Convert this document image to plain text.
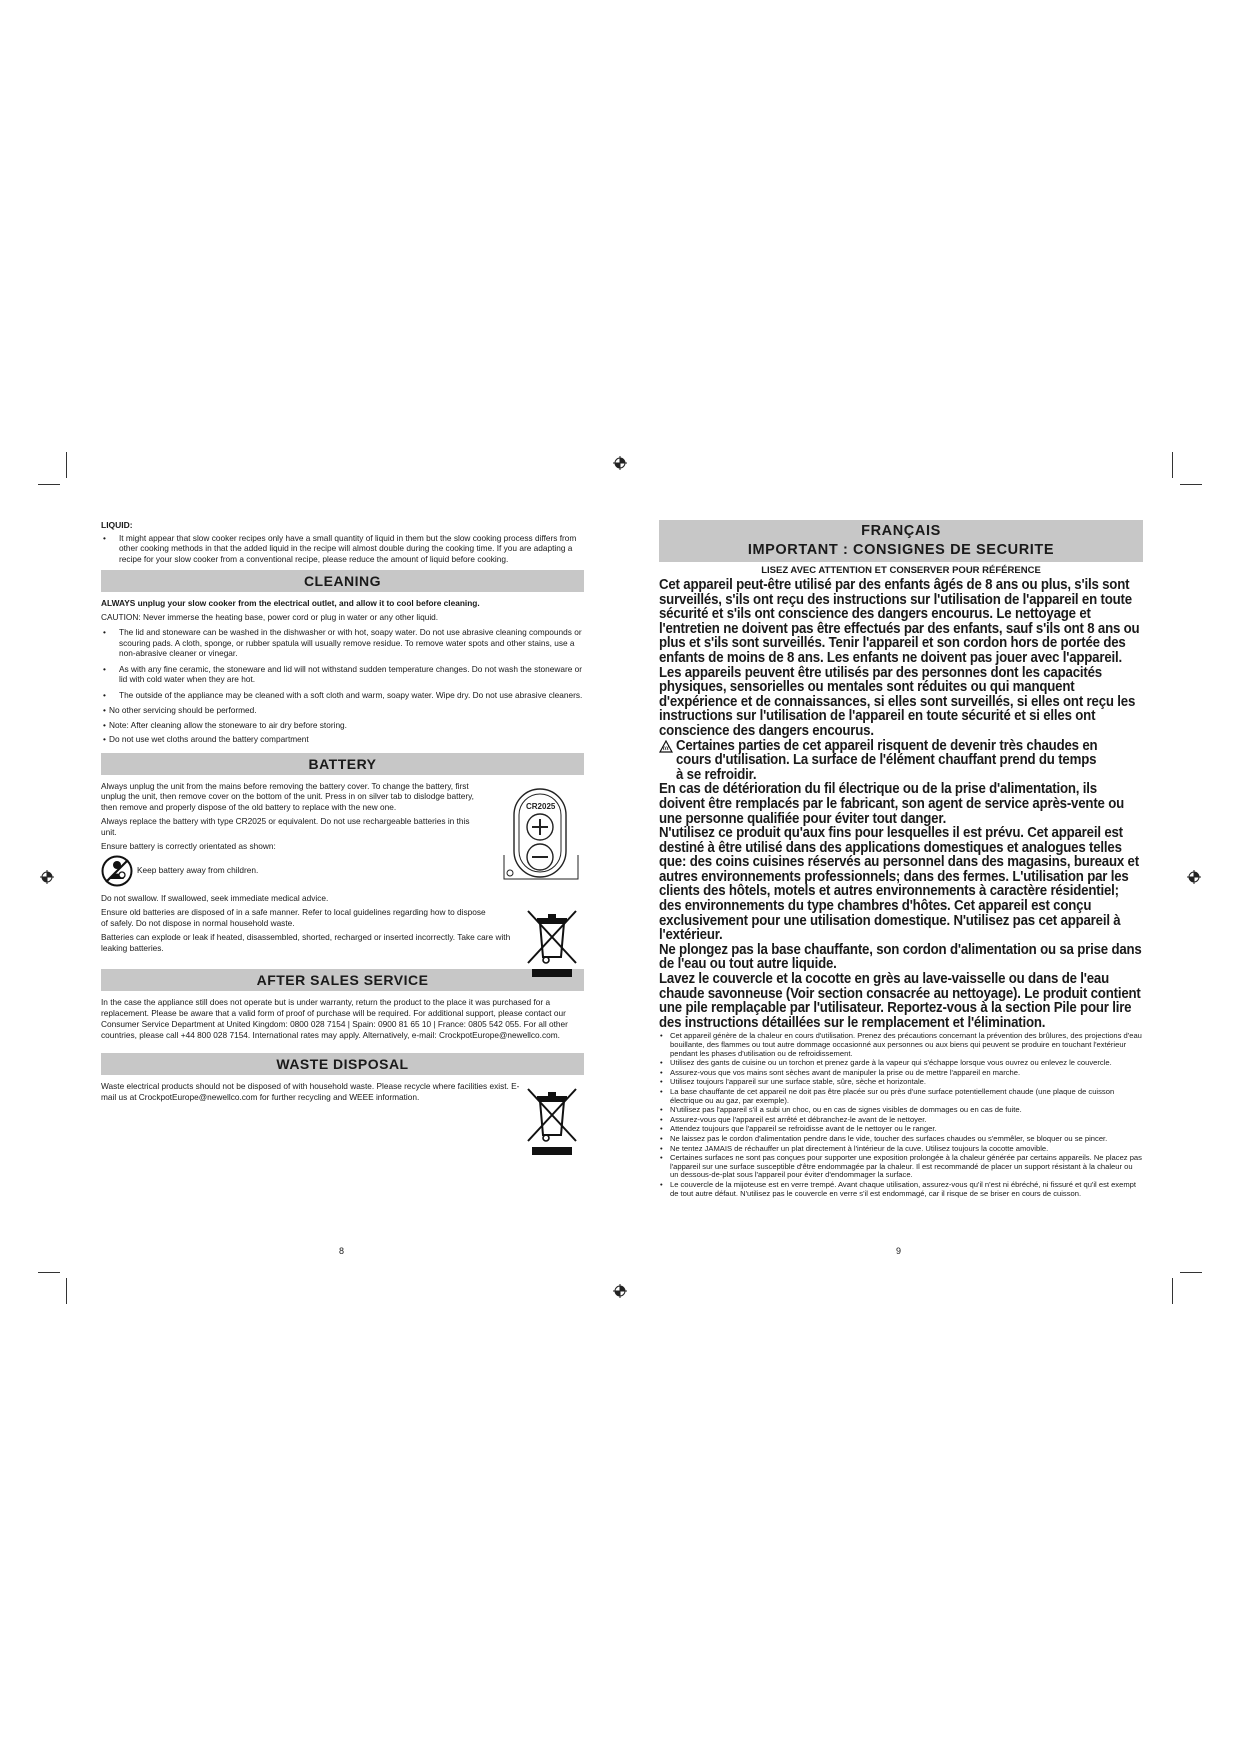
LIQUID:

• It might appear that slow cooker recipes only have a small quantity of liquid in them but the slow cooking process differs from other cooking methods in that the added liquid in the recipe will almost double during the cooking time. If you are adapting a recipe for your slow cooker from a conventional recipe, please reduce the amount of liquid before cooking.
CLEANING

ALWAYS unplug your slow cooker from the electrical outlet, and allow it to cool before cleaning.

CAUTION: Never immerse the heating base, power cord or plug in water or any other liquid.

• The lid and stoneware can be washed in the dishwasher or with hot, soapy water. Do not use abrasive cleaning compounds or scouring pads. A cloth, sponge, or rubber spatula will usually remove residue. To remove water spots and other stains, use a non-abrasive cleaner or vinegar.
• As with any fine ceramic, the stoneware and lid will not withstand sudden temperature changes. Do not wash the stoneware or lid with cold water when they are hot.
• The outside of the appliance may be cleaned with a soft cloth and warm, soapy water. Wipe dry. Do not use abrasive cleaners.
• No other servicing should be performed.
• Note: After cleaning allow the stoneware to air dry before storing.
• Do not use wet cloths around the battery compartment
BATTERY

Always unplug the unit from the mains before removing the battery cover. To change the battery, first unplug the unit, then remove cover on the bottom of the unit. Press in on silver tab to dislodge battery, then remove and properly dispose of the old battery to replace with the new one.

Always replace the battery with type CR2025 or equivalent. Do not use rechargeable batteries in this unit.

Ensure battery is correctly orientated as shown:

Keep battery away from children.

Do not swallow. If swallowed, seek immediate medical advice.

Ensure old batteries are disposed of in a safe manner. Refer to local guidelines regarding how to dispose of safely. Do not dispose in normal household waste.

Batteries can explode or leak if heated, disassembled, shorted, recharged or inserted incorrectly. Take care with leaking batteries.

CR2025
AFTER SALES SERVICE

In the case the appliance still does not operate but is under warranty, return the product to the place it was purchased for a replacement. Please be aware that a valid form of proof of purchase will be required. For additional support, please contact our Consumer Service Department at United Kingdom: 0800 028 7154 | Spain: 0900 81 65 10 | France: 0805 542 055. For all other countries, please call +44 800 028 7154. International rates may apply. Alternatively, e-mail: CrockpotEurope@newellco.com.

WASTE DISPOSAL

Waste electrical products should not be disposed of with household waste. Please recycle where facilities exist. E-mail us at CrockpotEurope@newellco.com for further recycling and WEEE information.

8
FRANÇAIS
IMPORTANT : CONSIGNES DE SECURITE
LISEZ AVEC ATTENTION ET CONSERVER POUR RÉFÉRENCE

Cet appareil peut-être utilisé par des enfants âgés de 8 ans ou plus, s'ils sont surveillés, s'ils ont reçu des instructions sur l'utilisation de l'appareil en toute sécurité et s'ils ont conscience des dangers encourus. Le nettoyage et l'entretien ne doivent pas être effectués par des enfants, sauf s'ils ont 8 ans ou plus et s'ils sont surveillés. Tenir l'appareil et son cordon hors de portée des enfants de moins de 8 ans. Les enfants ne doivent pas jouer avec l'appareil. Les appareils peuvent être utilisés par des personnes dont les capacités physiques, sensorielles ou mentales sont réduites ou qui manquent d'expérience et de connaissances, si elles sont surveillés, si elles ont reçu les instructions sur l'utilisation de l'appareil en toute sécurité et si elles ont conscience des dangers encourus.

Certaines parties de cet appareil risquent de devenir très chaudes en cours d'utilisation. La surface de l'élément chauffant prend du temps à se refroidir.

En cas de détérioration du fil électrique ou de la prise d'alimentation, ils doivent être remplacés par le fabricant, son agent de service après-vente ou une personne qualifiée pour éviter tout danger.

N'utilisez ce produit qu'aux fins pour lesquelles il est prévu. Cet appareil est destiné à être utilisé dans des applications domestiques et analogues telles que: des coins cuisines réservés au personnel dans des magasins, bureaux et autres environnements professionnels; dans des fermes. L'utilisation par les clients des hôtels, motels et autres environnements à caractère résidentiel; des environnements du type chambres d'hôtes. Cet appareil est conçu exclusivement pour une utilisation domestique. N'utilisez pas cet appareil à l'extérieur.

Ne plongez pas la base chauffante, son cordon d'alimentation ou sa prise dans de l'eau ou tout autre liquide.

Lavez le couvercle et la cocotte en grès au lave-vaisselle ou dans de l'eau chaude savonneuse (Voir section consacrée au nettoyage). Le produit contient une pile remplaçable par l'utilisateur. Reportez-vous à la section Pile pour lire des instructions détaillées sur le remplacement et l'élimination.

• Cet appareil génère de la chaleur en cours d'utilisation. Prenez des précautions concernant la prévention des brûlures, des projections d'eau bouillante, des flammes ou tout autre dommage occasionné aux personnes ou aux biens qui peuvent se produire en touchant l'extérieur pendant les phases d'utilisation ou de refroidissement.
• Utilisez des gants de cuisine ou un torchon et prenez garde à la vapeur qui s'échappe lorsque vous ouvrez ou enlevez le couvercle.
• Assurez-vous que vos mains sont sèches avant de manipuler la prise ou de mettre l'appareil en marche.
• Utilisez toujours l'appareil sur une surface stable, sûre, sèche et horizontale.
• La base chauffante de cet appareil ne doit pas être placée sur ou près d'une surface potentiellement chaude (une plaque de cuisson électrique ou au gaz, par exemple).
• N'utilisez pas l'appareil s'il a subi un choc, ou en cas de signes visibles de dommages ou en cas de fuite.
• Assurez-vous que l'appareil est arrêté et débranchez-le avant de le nettoyer.
• Attendez toujours que l'appareil se refroidisse avant de le nettoyer ou le ranger.
• Ne laissez pas le cordon d'alimentation pendre dans le vide, toucher des surfaces chaudes ou s'emmêler, se bloquer ou se pincer.
• Ne tentez JAMAIS de réchauffer un plat directement à l'intérieur de la cuve. Utilisez toujours la cocotte amovible.
• Certaines surfaces ne sont pas conçues pour supporter une exposition prolongée à la chaleur générée par certains appareils. Ne placez pas l'appareil sur une surface susceptible d'être endommagée par la chaleur. Il est recommandé de placer un support résistant à la chaleur ou un dessous-de-plat sous l'appareil pour éviter d'endommager la surface.
• Le couvercle de la mijoteuse est en verre trempé. Avant chaque utilisation, assurez-vous qu'il n'est ni ébréché, ni fissuré et qu'il est exempt de tout autre défaut. N'utilisez pas le couvercle en verre s'il est endommagé, car il risque de se briser en cours de cuisson.
9
